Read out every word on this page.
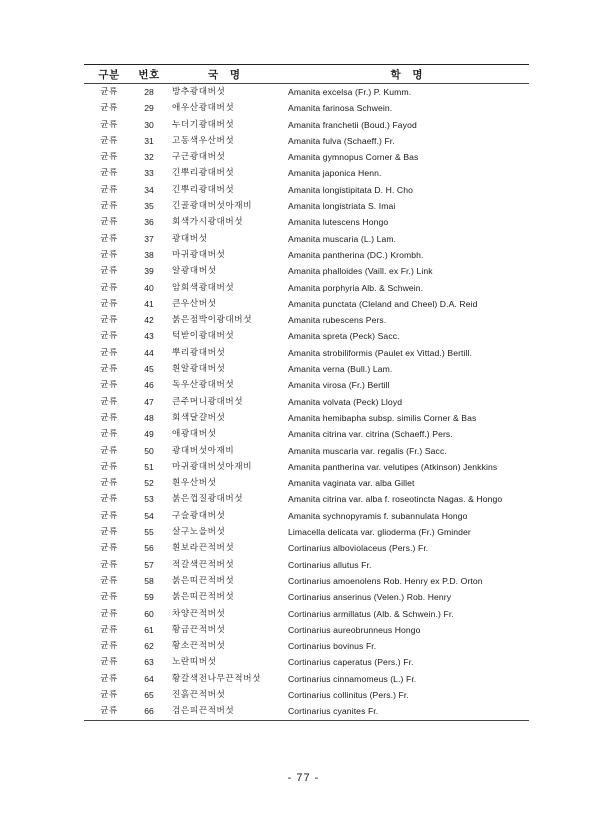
구분	번호	국 명	학 명
균류	28	방추광대버섯	Amanita excelsa (Fr.) P. Kumm.
균류	29	애우산광대버섯	Amanita farinosa Schwein.
균류	30	누더기광대버섯	Amanita franchetii (Boud.) Fayod
균류	31	고동색우산버섯	Amanita fulva (Schaeff.) Fr.
균류	32	구근광대버섯	Amanita gymnopus Corner & Bas
균류	33	긴뿌리광대버섯	Amanita japonica Henn.
균류	34	긴뿌리광대버섯	Amanita longistipitata D. H. Cho
균류	35	긴골광대버섯아재비	Amanita longistriata S. Imai
균류	36	회색가시광대버섯	Amanita lutescens Hongo
균류	37	광대버섯	Amanita muscaria (L.) Lam.
균류	38	마귀광대버섯	Amanita pantherina (DC.) Krombh.
균류	39	알광대버섯	Amanita phalloides (Vaill. ex Fr.) Link
균류	40	암회색광대버섯	Amanita porphyria Alb. & Schwein.
균류	41	큰우산버섯	Amanita punctata (Cleland and Cheel) D.A. Reid
균류	42	붉은점박이광대버섯	Amanita rubescens Pers.
균류	43	턱받이광대버섯	Amanita spreta (Peck) Sacc.
균류	44	뿌리광대버섯	Amanita strobiliformis (Paulet ex Vittad.) Bertill.
균류	45	흰알광대버섯	Amanita verna (Bull.) Lam.
균류	46	독우산광대버섯	Amanita virosa (Fr.) Bertill
균류	47	큰주머니광대버섯	Amanita volvata (Peck) Lloyd
균류	48	회색달걀버섯	Amanita hemibapha subsp. similis Corner & Bas
균류	49	애광대버섯	Amanita citrina var. citrina (Schaeff.) Pers.
균류	50	광대버섯아재비	Amanita muscaria var. regalis (Fr.) Sacc.
균류	51	마귀광대버섯아재비	Amanita pantherina var. velutipes (Atkinson) Jenkkins
균류	52	흰우산버섯	Amanita vaginata var. alba Gillet
균류	53	붉은껍질광대버섯	Amanita citrina var. alba f. roseotincta Nagas. & Hongo
균류	54	구슬광대버섯	Amanita sychnopyramis f. subannulata Hongo
균류	55	살구노을버섯	Limacella delicata var. glioderma (Fr.) Gminder
균류	56	흰보라끈적버섯	Cortinarius alboviolaceus (Pers.) Fr.
균류	57	적갈색끈적버섯	Cortinarius allutus Fr.
균류	58	붉은띠끈적버섯	Cortinarius amoenolens Rob. Henry ex P.D. Orton
균류	59	붉은띠끈적버섯	Cortinarius anserinus (Velen.) Rob. Henry
균류	60	차양끈적버섯	Cortinarius armillatus (Alb. & Schwein.) Fr.
균류	61	황금끈적버섯	Cortinarius aureobrunneus Hongo
균류	62	황소끈적버섯	Cortinarius bovinus Fr.
균류	63	노란띠버섯	Cortinarius caperatus (Pers.) Fr.
균류	64	황갈색전나무끈적버섯	Cortinarius cinnamomeus (L.) Fr.
균류	65	진흙끈적버섯	Cortinarius collinitus (Pers.) Fr.
균류	66	검은피끈적버섯	Cortinarius cyanites Fr.
- 77 -
